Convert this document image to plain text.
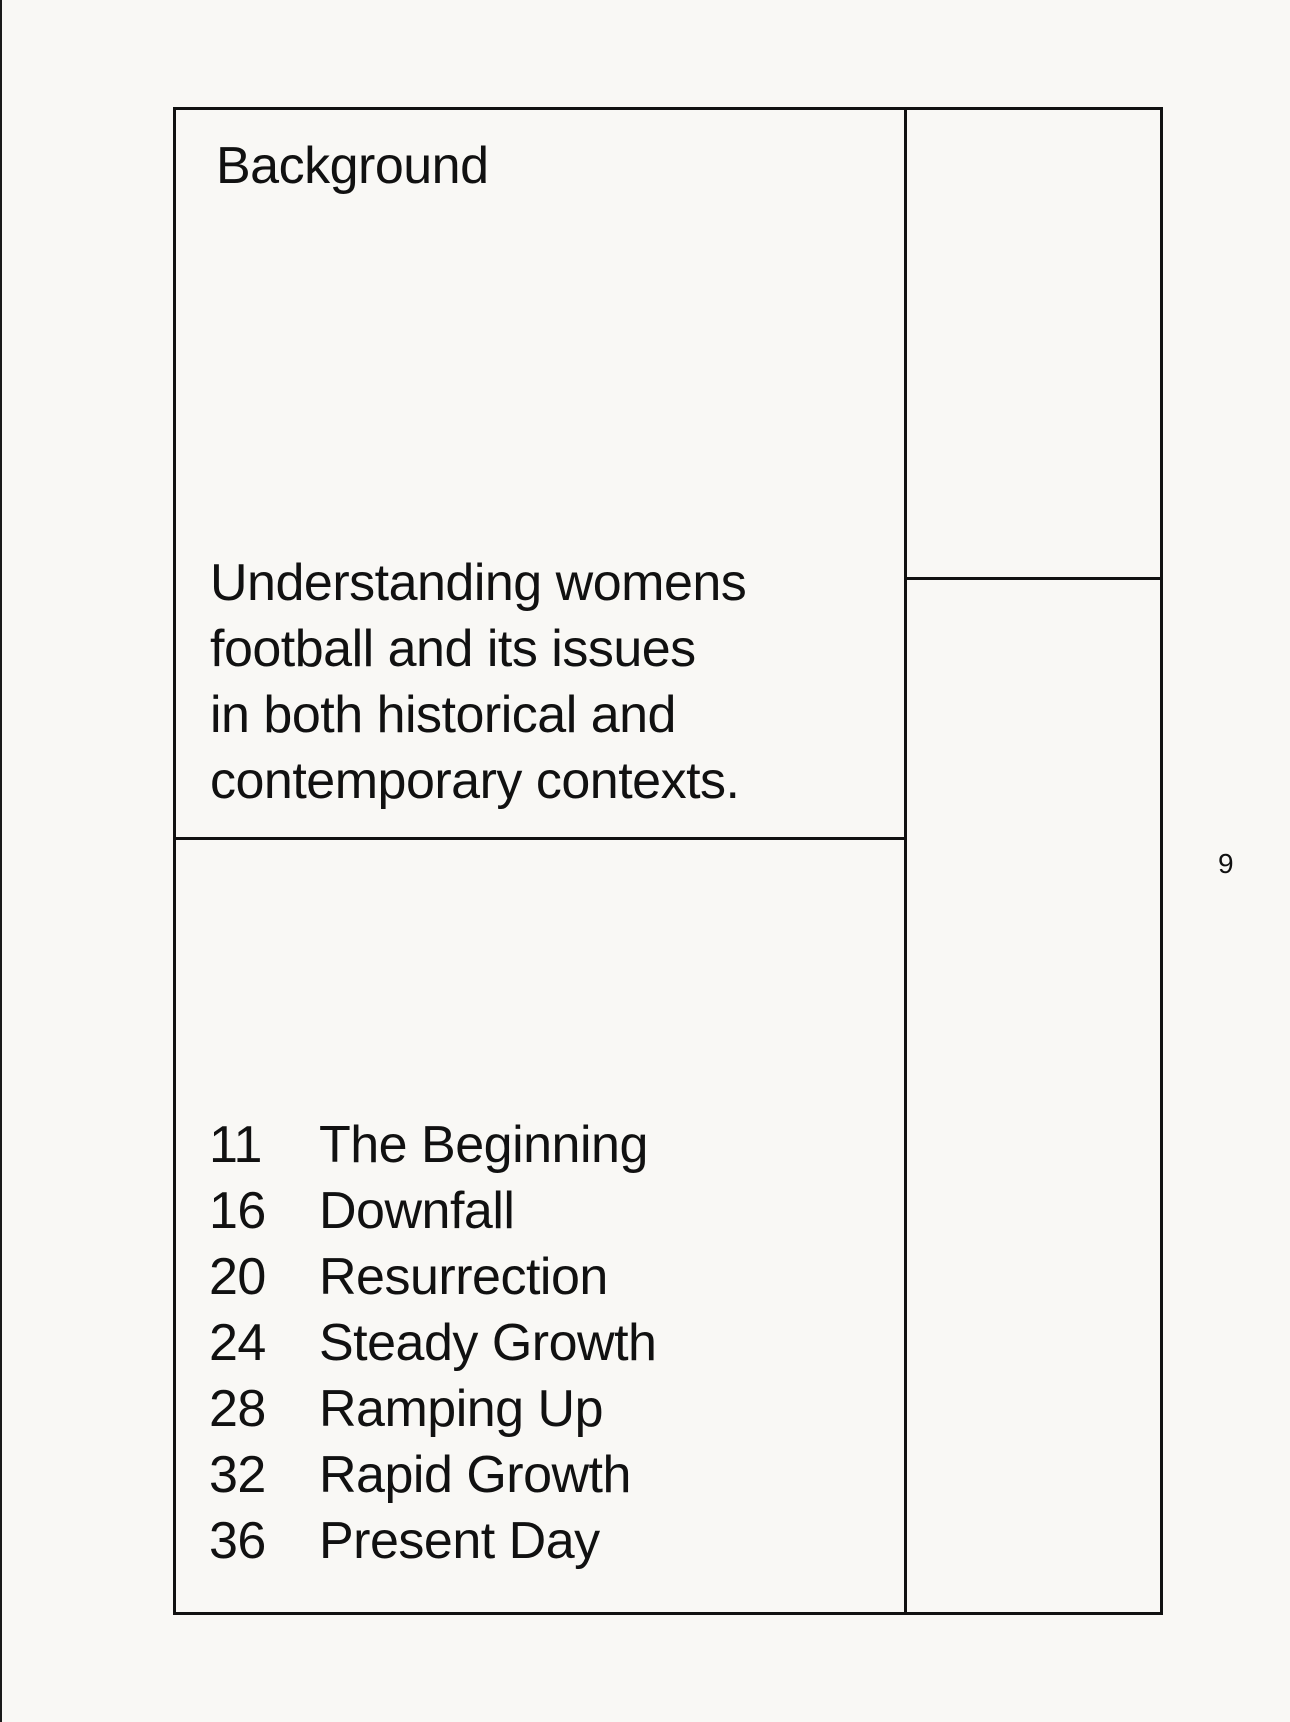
Background
Understanding womens
football and its issues
in both historical and
contemporary contexts.
11	The Beginning
16	Downfall
20	Resurrection
24	Steady Growth
28	Ramping Up
32	Rapid Growth
36	Present Day
9
